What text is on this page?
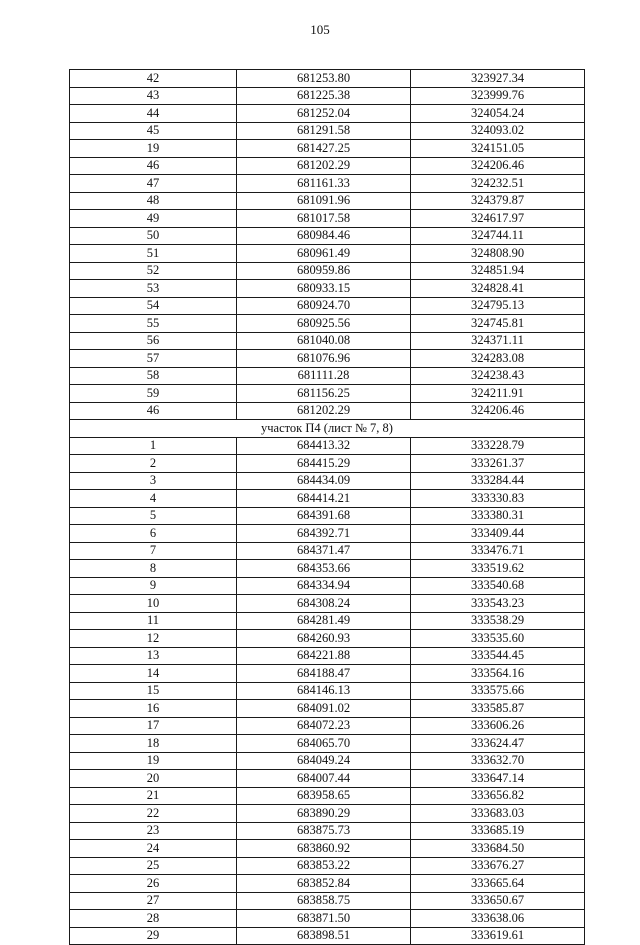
105
42	681253.80	323927.34
43	681225.38	323999.76
44	681252.04	324054.24
45	681291.58	324093.02
19	681427.25	324151.05
46	681202.29	324206.46
47	681161.33	324232.51
48	681091.96	324379.87
49	681017.58	324617.97
50	680984.46	324744.11
51	680961.49	324808.90
52	680959.86	324851.94
53	680933.15	324828.41
54	680924.70	324795.13
55	680925.56	324745.81
56	681040.08	324371.11
57	681076.96	324283.08
58	681111.28	324238.43
59	681156.25	324211.91
46	681202.29	324206.46
участок П4 (лист № 7, 8)		
1	684413.32	333228.79
2	684415.29	333261.37
3	684434.09	333284.44
4	684414.21	333330.83
5	684391.68	333380.31
6	684392.71	333409.44
7	684371.47	333476.71
8	684353.66	333519.62
9	684334.94	333540.68
10	684308.24	333543.23
11	684281.49	333538.29
12	684260.93	333535.60
13	684221.88	333544.45
14	684188.47	333564.16
15	684146.13	333575.66
16	684091.02	333585.87
17	684072.23	333606.26
18	684065.70	333624.47
19	684049.24	333632.70
20	684007.44	333647.14
21	683958.65	333656.82
22	683890.29	333683.03
23	683875.73	333685.19
24	683860.92	333684.50
25	683853.22	333676.27
26	683852.84	333665.64
27	683858.75	333650.67
28	683871.50	333638.06
29	683898.51	333619.61
